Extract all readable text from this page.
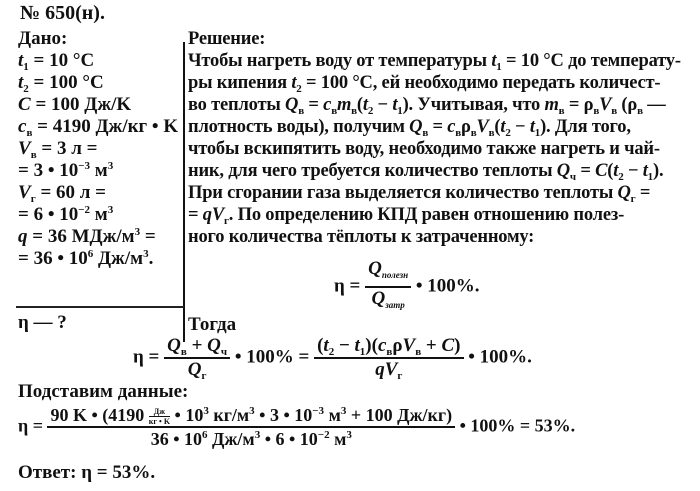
№ 650(н).
Дано:
$t_1 = 10$ °C
$t_2 = 100$ °C
C = 100 Дж/K
$c_в = 4190$ Дж/кг • K
$V_в = 3$ л =
= 3 • $10^{-3}$ $м^3$
$V_г = 60$ л =
= 6 • $10^{-2}$ $м^3$
q = 36 МДж/$м^3$ =
= 36 • $10^6$ $Дж/м^3$.
η — ?
Решение:
Чтобы нагреть воду от температуры $t_1 = 10$ °C до температу-
ры кипения $t_2 = 100$ °C, ей необходимо передать количест-
во теплоты $Q_в = c_вm_в(t_2 - t_1)$. Учитывая, что $m_в = \rho_вV_в$ ($\rho_в$ —
плотность воды), получим $Q_в = c_в\rho_вV_в(t_2 - t_1)$. Для того,
чтобы вскипятить воду, необходимо также нагреть и чай-
ник, для чего требуется количество теплоты $Q_ч = C(t_2 - t_1)$.
При сгорании газа выделяется количество теплоты $Q_г$ =
= $qV_г$. По определению КПД равен отношению полез-
ного количества тёплоты к затраченному:
$\eta = \frac{Q_{полезн}}{Q_{затр}}$ • 100%.
Тогда
$\eta = \frac{Q_в + Q_ч}{Q_г}$ • $100\% = \frac{(t_2 - t_1)(c_в\rho V_в + C)}{qV_г}$ • 100%.
Подставим данные:
η = 90 K • (4190 Дж
кг • K • $10^3$ $кг/м^3$ • 3 • $10^{-3}$ $м^3 + 100$ Дж/кг)
36 • $10^6$ $Дж/м^3$ • 6 • $10^{-2}$ $м^3$ • 100% = 53%.
Ответ: η = 53%.
